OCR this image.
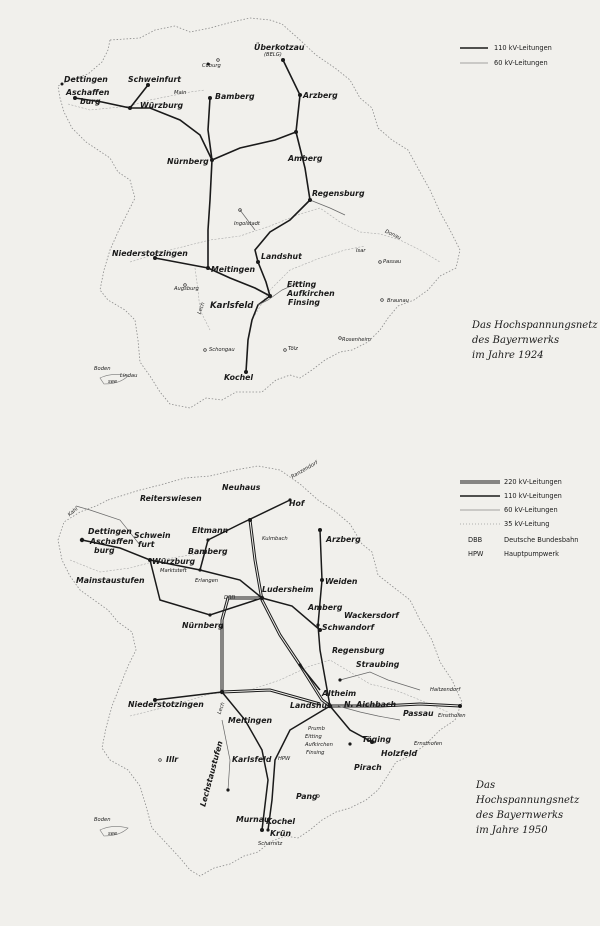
Überkotzau
(BELG)
Coburg
Dettingen
Aschaffen
burg
Schweinfurt
Würzburg
Main	Bamberg	Arzberg
Nürnberg	Amberg
Regensburg
Ingolstadt
Isar
Donau
Passau
Niederstotzingen
Meitingen
Landshut
Augsburg	Eitting
Aufkirchen
Finsing
Karlsfeld	Braunau
Lech
Rosenheim
Schongau	Tölz
Boden
see
Lindau	Kochel
110 kV-Leitungen
60 kV-Leitungen
Das Hochspannungsnetz
des Bayernwerks
im Jahre 1924
220 kV-Leitungen
110 kV-Leitungen
60 kV-Leitungen
35 kV-Leitung
DBB	Deutsche Bundesbahn
HPW	Hauptpumpwerk
Neuhaus
Ranzendorf
Hof
Reiterswiesen
Kulmbach	Arzberg
Eltmann
Schwein
furt
Dettingen
Aschaffen
burg	Bamberg
Würzburg
Marktsteft
Kahl
Mainstaustufen	Erlangen
DBB
Nürnberg
Ludersheim
Weiden
Amberg
Wackersdorf
Schwandorf
Regensburg
Straubing
Haitzendorf
Niederstotzingen
Altheim
N. Aichbach
Passau Einsthofen
Landshut
Meitingen
Lech
Töging
Holzfeld
Ernsthofen
Pirach
Karlsfeld HPW
Prumb
Eitting
Aufkirchen
Finsing
Lechstaustufen
Illr
Pang
Boden
see
Murnau
Kochel
Krün
Scharnitz
Das Hochspannungsnetz
des Bayernwerks
im Jahre 1950
